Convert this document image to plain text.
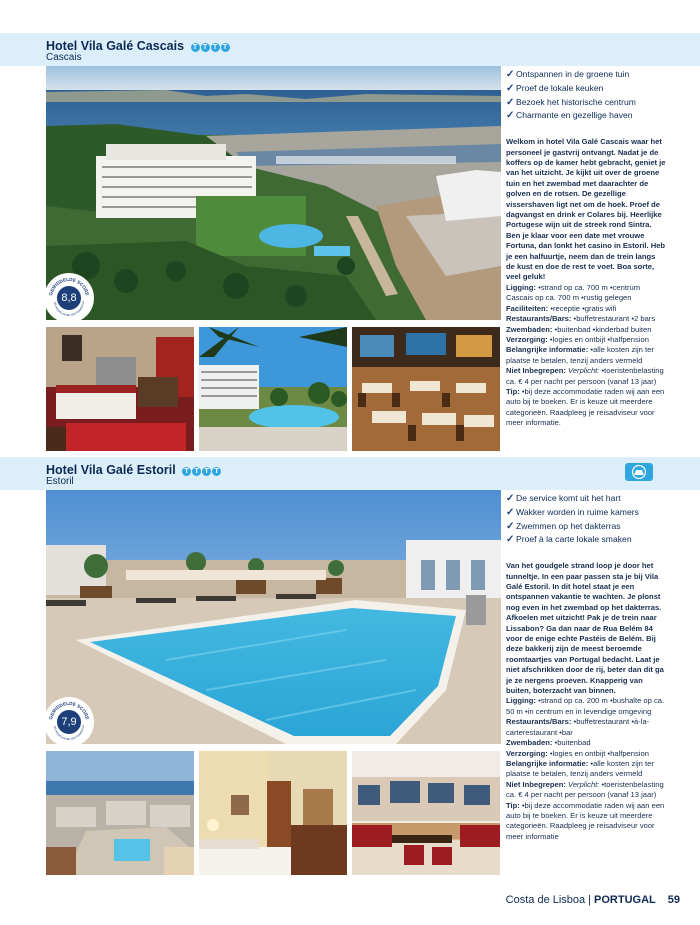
Hotel Vila Galé Cascais T T T T
Cascais
GEMIDDELDE SCORE
BEOORDELINGEN (SEPTEMBER 20
8,8
✓ Ontspannen in de groene tuin
✓ Proef de lokale keuken
✓ Bezoek het historische centrum
✓ Charmante en gezellige haven

Welkom in hotel Vila Galé Cascais waar het personeel je gastvrij ontvangt. Nadat je de koffers op de kamer hebt gebracht, geniet je van het uitzicht. Je kijkt uit over de groene tuin en het zwembad met daarachter de golven en de rotsen. De gezellige vissershaven ligt net om de hoek. Proef de dagvangst en drink er Colares bij. Heerlijke Portugese wijn uit de streek rond Sintra. Ben je klaar voor een date met vrouwe Fortuna, dan lonkt het casino in Estoril. Heb je een halfuurtje, neem dan de trein langs de kust en doe de rest te voet. Boa sorte, veel geluk!

Ligging: •strand op ca. 700 m •centrum Cascais op ca. 700 m •rustig gelegen

Faciliteiten: •receptie •gratis wifi

Restaurants/Bars: •buffetrestaurant •2 bars

Zwembaden: •buitenbad •kinderbad buiten

Verzorging: •logies en ontbijt •halfpension

Belangrijke informatie: •alle kosten zijn ter plaatse te betalen, tenzij anders vermeld

Niet Inbegrepen: Verplicht: •toeristenbelasting ca. € 4 per nacht per persoon (vanaf 13 jaar)

Tip: •bij deze accommodatie raden wij aan een auto bij te boeken. Er is keuze uit meerdere categorieën. Raadpleeg je reisadviseur voor meer informatie.

Hotel Vila Galé Estoril T T T T
Estoril
GEMIDDELDE SCORE
BEOORDELINGEN (SEPTEMBER 20
7,9
✓ De service komt uit het hart
✓ Wakker worden in ruime kamers
✓ Zwemmen op het dakterras
✓ Proef à la carte lokale smaken

Van het goudgele strand loop je door het tunneltje. In een paar passen sta je bij Vila Galé Estoril. In dit hotel staat je een ontspannen vakantie te wachten. Je plonst nog even in het zwembad op het dakterras. Afkoelen met uitzicht! Pak je de trein naar Lissabon? Ga dan naar de Rua Belém 84 voor de enige echte Pastéis de Belém. Bij deze bakkerij zijn de meest beroemde roomtaartjes van Portugal bedacht. Laat je niet afschrikken door de rij, beter dan dit ga je ze nergens proeven. Knapperig van buiten, boterzacht van binnen.

Ligging: •strand op ca. 200 m •bushalte op ca. 50 m •in centrum en in levendige omgeving

Restaurants/Bars: •buffetrestaurant •à-la-carterestaurant •bar

Zwembaden: •buitenbad

Verzorging: •logies en ontbijt •halfpension

Belangrijke informatie: •alle kosten zijn ter plaatse te betalen, tenzij anders vermeld

Niet Inbegrepen: Verplicht: •toeristenbelasting ca. € 4 per nacht per persoon (vanaf 13 jaar)

Tip: •bij deze accommodatie raden wij aan een auto bij te boeken. Er is keuze uit meerdere categorieën. Raadpleeg je reisadviseur voor meer informatie

Costa de Lisboa | PORTUGAL 59
